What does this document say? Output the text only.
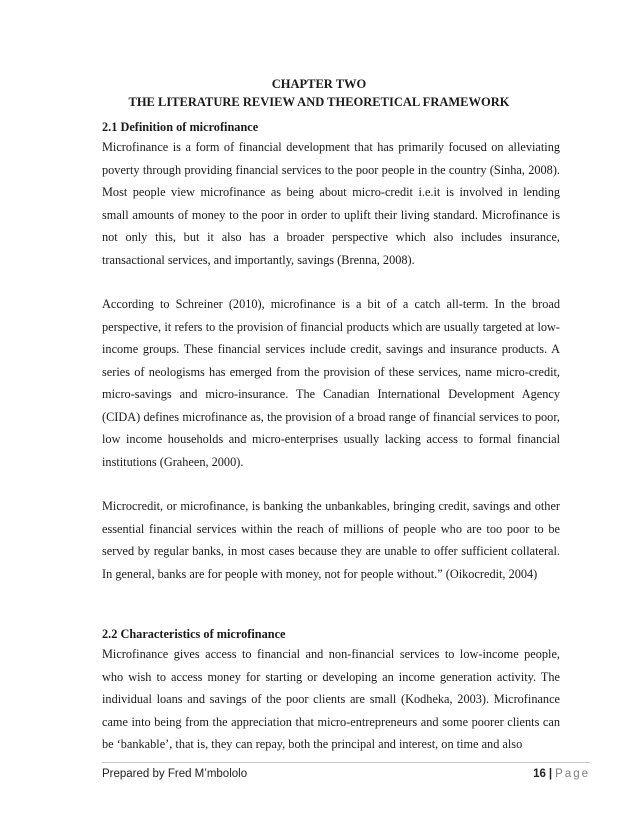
CHAPTER TWO
THE LITERATURE REVIEW AND THEORETICAL FRAMEWORK
2.1 Definition of microfinance

Microfinance is a form of financial development that has primarily focused on alleviating poverty through providing financial services to the poor people in the country (Sinha, 2008). Most people view microfinance as being about micro-credit i.e.it is involved in lending small amounts of money to the poor in order to uplift their living standard. Microfinance is not only this, but it also has a broader perspective which also includes insurance, transactional services, and importantly, savings (Brenna, 2008).

According to Schreiner (2010), microfinance is a bit of a catch all-term. In the broad perspective, it refers to the provision of financial products which are usually targeted at low-income groups. These financial services include credit, savings and insurance products. A series of neologisms has emerged from the provision of these services, name micro-credit, micro-savings and micro-insurance. The Canadian International Development Agency (CIDA) defines microfinance as, the provision of a broad range of financial services to poor, low income households and micro-enterprises usually lacking access to formal financial institutions (Graheen, 2000).

Microcredit, or microfinance, is banking the unbankables, bringing credit, savings and other essential financial services within the reach of millions of people who are too poor to be served by regular banks, in most cases because they are unable to offer sufficient collateral. In general, banks are for people with money, not for people without.” (Oikocredit, 2004)

2.2 Characteristics of microfinance

Microfinance gives access to financial and non-financial services to low-income people, who wish to access money for starting or developing an income generation activity. The individual loans and savings of the poor clients are small (Kodheka, 2003). Microfinance came into being from the appreciation that micro-entrepreneurs and some poorer clients can be ‘bankable’, that is, they can repay, both the principal and interest, on time and also

Prepared by Fred M’mbololo	16 | Page
